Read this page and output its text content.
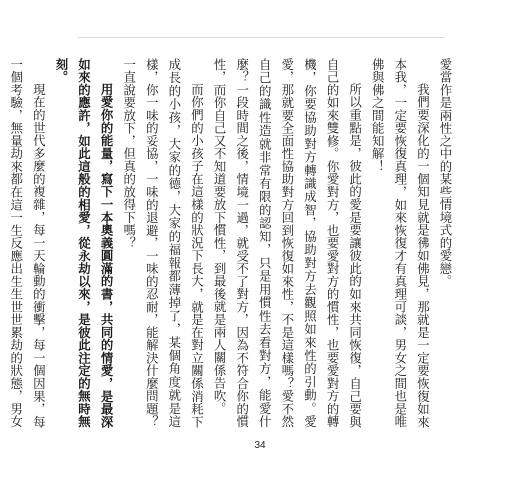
愛當作是兩性之中的某些情境式的愛戀。

我們要深化的一個知見就是彿如佛見，那就是一定要恢復如來本我，一定要恢復真理，如來恢復才有真理可談，男女之間也是唯佛與佛之間能知解！

所以重點是，彼此的愛是要讓彼此的如來共同恢復，自己要與自己的如來雙修。你愛對方，也要愛對方的慣性，也要愛對方的轉機，你要協助對方轉識成智，協助對方去觀照如來性的引動。愛愛，那就要全面性協助對方回到恢復如來性，不是這樣嗎？愛不然自己的識性造就非常有限的認知，只是用慣性去看對方，能愛什麼？一段時間之後，情境一過，就受不了對方，因為不符合你的慣性，而你自己又不知道要放下慣性，到最後就是兩人關係告吹。

而你們的小孩子在這樣的狀況下長大，就是在對立關係消耗下成長的小孩，大家的德，大家的福報都薄掉了，某個角度就是這樣，你一味的妥協，一味的退避，一味的忍耐，能解決什麼問題？一直說要放下，但真的放得下嗎？

用愛你的能量，寫下一本奧義圓滿的書，共同的情愛，是最深如來的應許，如此這般的相愛，從永劫以來，是彼此注定的無時無刻。

現在的世代多麼的複雜，每一天輪動的衝擊，每一個因果，每一個考驗，無量劫來都在這一生反應出生生世世累劫的狀態，男女

34
